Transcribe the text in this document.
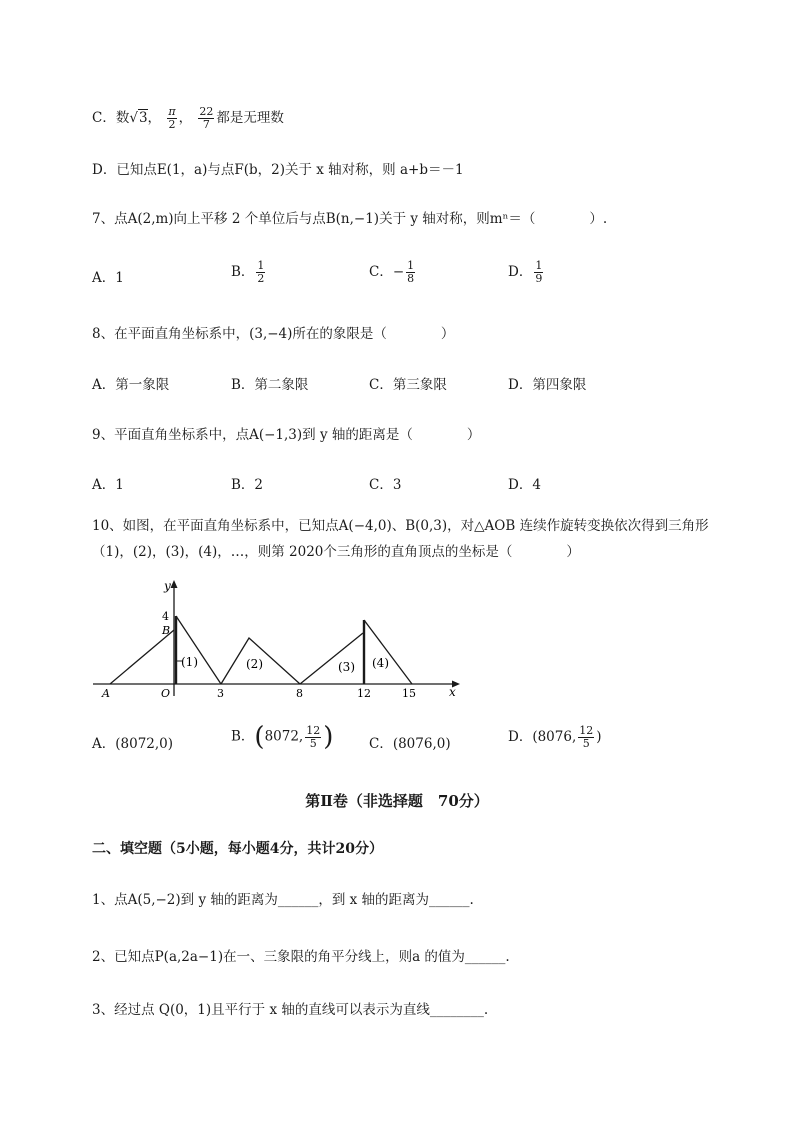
C．数√3， $\frac{\pi}{2}$ ， $\frac{22}{7}$ 都是无理数
D．已知点E(1，a)与点F(b，2)关于 x 轴对称，则 a+b＝－1
7、点A(2,m)向上平移 2 个单位后与点B(n,−1)关于 y 轴对称，则mⁿ＝（　　　　）.
A．1	B． $\frac{1}{2}$	C．− $\frac{1}{8}$	D． $\frac{1}{9}$
8、在平面直角坐标系中，(3,−4)所在的象限是（　　　　）
A．第一象限	B．第二象限	C．第三象限	D．第四象限
9、平面直角坐标系中，点A(−1,3)到 y 轴的距离是（　　　　）
A．1	B．2	C．3	D．4
10、如图，在平面直角坐标系中，已知点A(−4,0)、B(0,3)，对△AOB 连续作旋转变换依次得到三角形
（1)，(2)，(3)，(4)，…，则第 2020个三角形的直角顶点的坐标是（　　　　）
y
x
4
B
A	O	3	8	12	15
(1)	(2)	(3) (4)
A．(8072,0)	B．(8072, $\frac{12}{5}$ )	C．(8076,0)	D．(8076, $\frac{12}{5}$ )
第Ⅱ卷（非选择题　70分）
二、填空题（5小题，每小题4分，共计20分）
1、点A(5,−2)到 y 轴的距离为______，到 x 轴的距离为______.
2、已知点P(a,2a−1)在一、三象限的角平分线上，则a 的值为______.
3、经过点 Q(0，1)且平行于 x 轴的直线可以表示为直线________.
